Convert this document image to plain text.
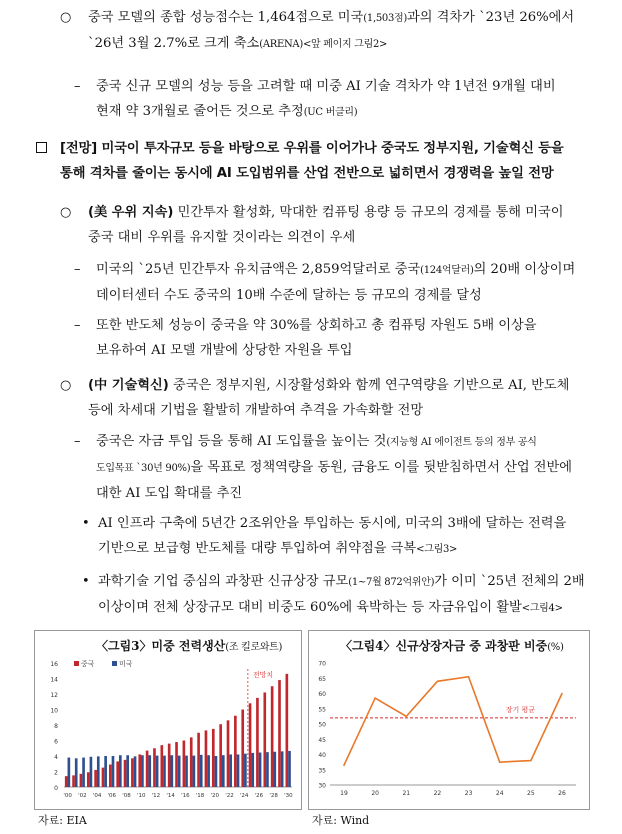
○ 중국 모델의 종합 성능점수는 1,464점으로 미국(1,503점)과의 격차가 `23년 26%에서
`26년 3월 2.7%로 크게 축소(ARENA)<앞 페이지 그림2>
– 중국 신규 모델의 성능 등을 고려할 때 미중 AI 기술 격차가 약 1년전 9개월 대비
현재 약 3개월로 줄어든 것으로 추정(UC 버클리)
[전망] 미국이 투자규모 등을 바탕으로 우위를 이어가나 중국도 정부지원, 기술혁신 등을
통해 격차를 줄이는 동시에 AI 도입범위를 산업 전반으로 넓히면서 경쟁력을 높일 전망
○ (美 우위 지속) 민간투자 활성화, 막대한 컴퓨팅 용량 등 규모의 경제를 통해 미국이
중국 대비 우위를 유지할 것이라는 의견이 우세
– 미국의 `25년 민간투자 유치금액은 2,859억달러로 중국(124억달러)의 20배 이상이며
데이터센터 수도 중국의 10배 수준에 달하는 등 규모의 경제를 달성
– 또한 반도체 성능이 중국을 약 30%를 상회하고 총 컴퓨팅 자원도 5배 이상을
보유하여 AI 모델 개발에 상당한 자원을 투입
○ (中 기술혁신) 중국은 정부지원, 시장활성화와 함께 연구역량을 기반으로 AI, 반도체
등에 차세대 기법을 활발히 개발하여 추격을 가속화할 전망
– 중국은 자금 투입 등을 통해 AI 도입률을 높이는 것(지능형 AI 에이전트 등의 정부 공식
도입목표 `30년 90%)을 목표로 정책역량을 동원, 금융도 이를 뒷받침하면서 산업 전반에
대한 AI 도입 확대를 추진
• AI 인프라 구축에 5년간 2조위안을 투입하는 동시에, 미국의 3배에 달하는 전력을
기반으로 보급형 반도체를 대량 투입하여 취약점을 극복<그림3>
• 과학기술 기업 중심의 과창판 신규상장 규모(1~7월 872억위안)가 이미 `25년 전체의 2배
이상이며 전체 상장규모 대비 비중도 60%에 육박하는 등 자금유입이 활발<그림4>
〈그림3〉미중 전력생산(조 킬로와트)
0
2
4
6
8
10
12
14
16
'00 '02 '04 '06 '08 '10 '12 '14 '16 '18 '20 '22 '24 '26 '28 '30
전망치
중국	미국
자료: EIA
〈그림4〉신규상장자금 중 과창판 비중(%)
30
35
40
45
50
55
60
65
70
19	20	21	22	23	24	25	26
장기 평균
자료: Wind
